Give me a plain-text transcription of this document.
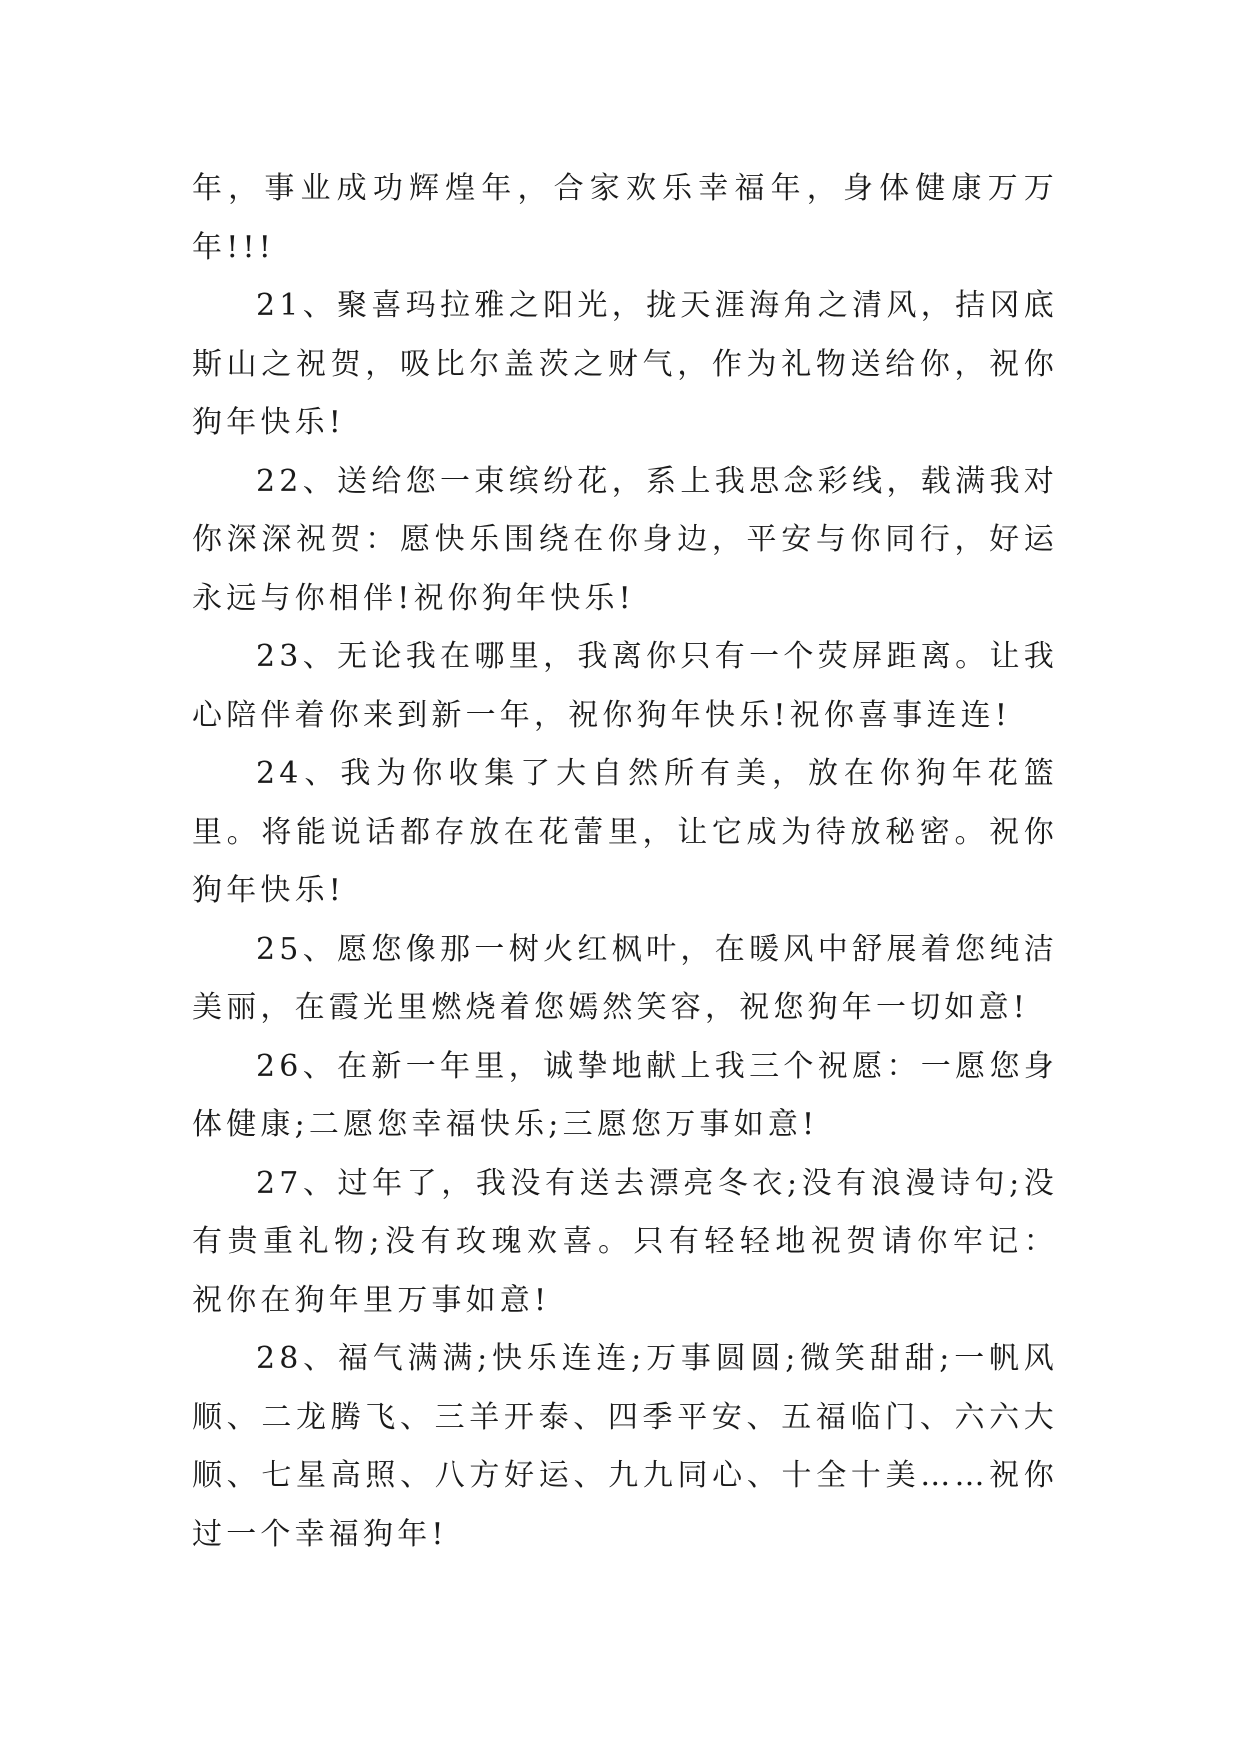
年，事业成功辉煌年，合家欢乐幸福年，身体健康万万年!!!

21、聚喜玛拉雅之阳光，拢天涯海角之清风，拮冈底斯山之祝贺，吸比尔盖茨之财气，作为礼物送给你，祝你狗年快乐!

22、送给您一束缤纷花，系上我思念彩线，载满我对你深深祝贺：愿快乐围绕在你身边，平安与你同行，好运永远与你相伴!祝你狗年快乐!

23、无论我在哪里，我离你只有一个荧屏距离。让我心陪伴着你来到新一年，祝你狗年快乐!祝你喜事连连!

24、我为你收集了大自然所有美，放在你狗年花篮里。将能说话都存放在花蕾里，让它成为待放秘密。祝你狗年快乐!

25、愿您像那一树火红枫叶，在暖风中舒展着您纯洁美丽，在霞光里燃烧着您嫣然笑容，祝您狗年一切如意!

26、在新一年里，诚挚地献上我三个祝愿：一愿您身体健康;二愿您幸福快乐;三愿您万事如意!

27、过年了，我没有送去漂亮冬衣;没有浪漫诗句;没有贵重礼物;没有玫瑰欢喜。只有轻轻地祝贺请你牢记：祝你在狗年里万事如意!

28、福气满满;快乐连连;万事圆圆;微笑甜甜;一帆风顺、二龙腾飞、三羊开泰、四季平安、五福临门、六六大顺、七星高照、八方好运、九九同心、十全十美……祝你过一个幸福狗年!
